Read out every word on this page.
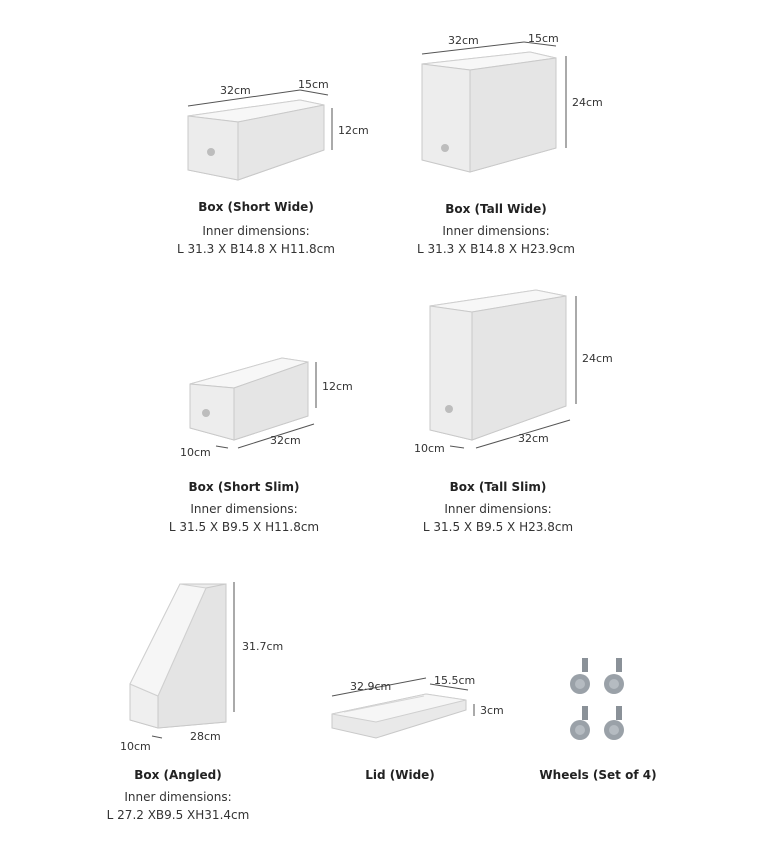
32cm	15cm
12cm
Box (Short Wide)
Inner dimensions:
L 31.3 X B14.8 X H11.8cm
32cm	15cm
24cm
Box (Tall Wide)
Inner dimensions:
L 31.3 X B14.8 X H23.9cm
12cm
10cm
32cm
Box (Short Slim)
Inner dimensions:
L 31.5 X B9.5 X H11.8cm
24cm
10cm
32cm
Box (Tall Slim)
Inner dimensions:
L 31.5 X B9.5 X H23.8cm
31.7cm
10cm
28cm
Box (Angled)
Inner dimensions:
L 27.2 XB9.5 XH31.4cm
32.9cm	15.5cm
3cm
Lid (Wide)	Wheels (Set of 4)
